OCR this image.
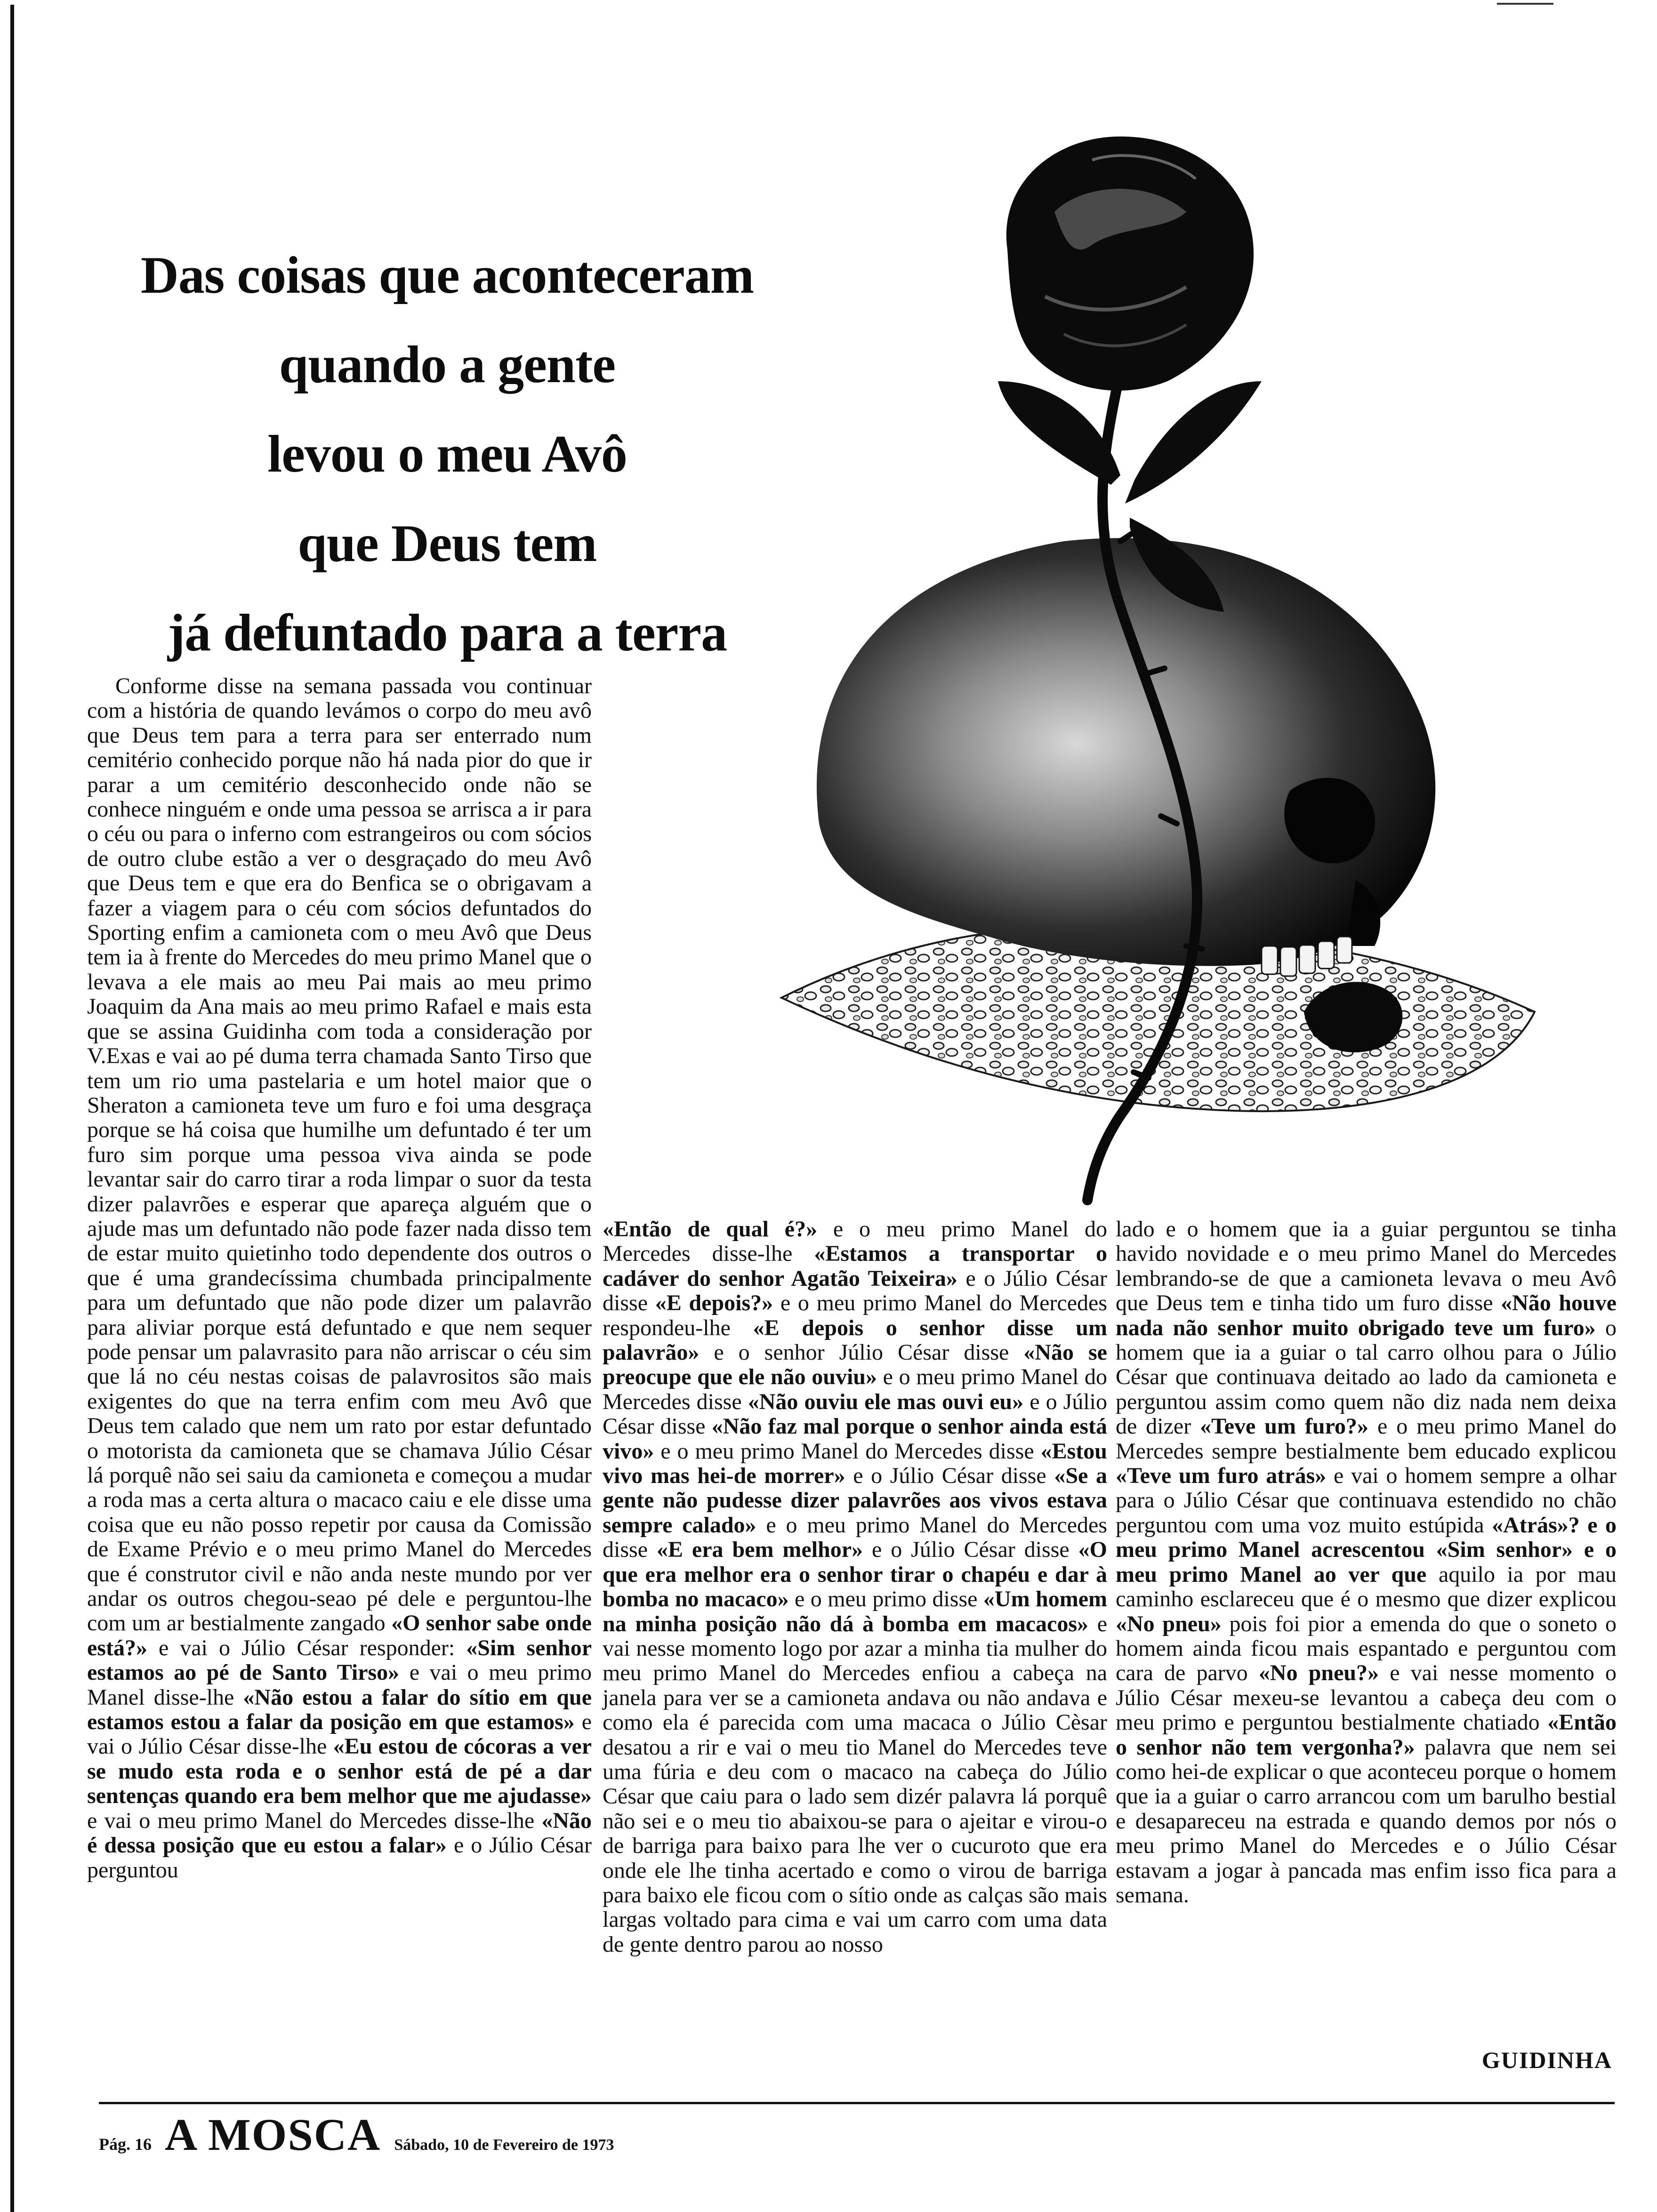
Das coisas que aconteceram
quando a gente
levou o meu Avô
que Deus tem
já defuntado para a terra

Conforme disse na semana passada vou continuar com a história de quando levámos o corpo do meu avô que Deus tem para a terra para ser enterrado num cemitério conhecido porque não há nada pior do que ir parar a um cemitério desconhecido onde não se conhece ninguém e onde uma pessoa se arrisca a ir para o céu ou para o inferno com estrangeiros ou com sócios de outro clube estão a ver o desgraçado do meu Avô que Deus tem e que era do Benfica se o obrigavam a fazer a viagem para o céu com sócios defuntados do Sporting enfim a camioneta com o meu Avô que Deus tem ia à frente do Mercedes do meu primo Manel que o levava a ele mais ao meu Pai mais ao meu primo Joaquim da Ana mais ao meu primo Rafael e mais esta que se assina Guidinha com toda a consideração por V.Exas e vai ao pé duma terra chamada Santo Tirso que tem um rio uma pastelaria e um hotel maior que o Sheraton a camioneta teve um furo e foi uma desgraça porque se há coisa que humilhe um defuntado é ter um furo sim porque uma pessoa viva ainda se pode levantar sair do carro tirar a roda limpar o suor da testa dizer palavrões e esperar que apareça alguém que o ajude mas um defuntado não pode fazer nada disso tem de estar muito quietinho todo dependente dos outros o que é uma grandecíssima chumbada principalmente para um defuntado que não pode dizer um palavrão para aliviar porque está defuntado e que nem sequer pode pensar um palavrasito para não arriscar o céu sim que lá no céu nestas coisas de palavrositos são mais exigentes do que na terra enfim com meu Avô que Deus tem calado que nem um rato por estar defuntado o motorista da camioneta que se chamava Júlio César lá porquê não sei saiu da camioneta e começou a mudar a roda mas a certa altura o macaco caiu e ele disse uma coisa que eu não posso repetir por causa da Comissão de Exame Prévio e o meu primo Manel do Mercedes que é construtor civil e não anda neste mundo por ver andar os outros chegou-seao pé dele e perguntou-lhe com um ar bestialmente zangado «O senhor sabe onde está?» e vai o Júlio César responder: «Sim senhor estamos ao pé de Santo Tirso» e vai o meu primo Manel disse-lhe «Não estou a falar do sítio em que estamos estou a falar da posição em que estamos» e vai o Júlio César disse-lhe «Eu estou de cócoras a ver se mudo esta roda e o senhor está de pé a dar sentenças quando era bem melhor que me ajudasse» e vai o meu primo Manel do Mercedes disse-lhe «Não é dessa posição que eu estou a falar» e o Júlio César perguntou

«Então de qual é?» e o meu primo Manel do Mercedes disse-lhe «Estamos a transportar o cadáver do senhor Agatão Teixeira» e o Júlio César disse «E depois?» e o meu primo Manel do Mercedes respondeu-lhe «E depois o senhor disse um palavrão» e o senhor Júlio César disse «Não se preocupe que ele não ouviu» e o meu primo Manel do Mercedes disse «Não ouviu ele mas ouvi eu» e o Júlio César disse «Não faz mal porque o senhor ainda está vivo» e o meu primo Manel do Mercedes disse «Estou vivo mas hei-de morrer» e o Júlio César disse «Se a gente não pudesse dizer palavrões aos vivos estava sempre calado» e o meu primo Manel do Mercedes disse «E era bem melhor» e o Júlio César disse «O que era melhor era o senhor tirar o chapéu e dar à bomba no macaco» e o meu primo disse «Um homem na minha posição não dá à bomba em macacos» e vai nesse momento logo por azar a minha tia mulher do meu primo Manel do Mercedes enfiou a cabeça na janela para ver se a camioneta andava ou não andava e como ela é parecida com uma macaca o Júlio Cèsar desatou a rir e vai o meu tio Manel do Mercedes teve uma fúria e deu com o macaco na cabeça do Júlio César que caiu para o lado sem dizér palavra lá porquê não sei e o meu tio abaixou-se para o ajeitar e virou-o de barriga para baixo para lhe ver o cucuroto que era onde ele lhe tinha acertado e como o virou de barriga para baixo ele ficou com o sítio onde as calças são mais largas voltado para cima e vai um carro com uma data de gente dentro parou ao nosso

lado e o homem que ia a guiar perguntou se tinha havido novidade e o meu primo Manel do Mercedes lembrando-se de que a camioneta levava o meu Avô que Deus tem e tinha tido um furo disse «Não houve nada não senhor muito obrigado teve um furo» o homem que ia a guiar o tal carro olhou para o Júlio César que continuava deitado ao lado da camioneta e perguntou assim como quem não diz nada nem deixa de dizer «Teve um furo?» e o meu primo Manel do Mercedes sempre bestialmente bem educado explicou «Teve um furo atrás» e vai o homem sempre a olhar para o Júlio César que continuava estendido no chão perguntou com uma voz muito estúpida «Atrás»? e o meu primo Manel acrescentou «Sim senhor» e o meu primo Manel ao ver que aquilo ia por mau caminho esclareceu que é o mesmo que dizer explicou «No pneu» pois foi pior a emenda do que o soneto o homem ainda ficou mais espantado e perguntou com cara de parvo «No pneu?» e vai nesse momento o Júlio César mexeu-se levantou a cabeça deu com o meu primo e perguntou bestialmente chatiado «Então o senhor não tem vergonha?» palavra que nem sei como hei-de explicar o que aconteceu porque o homem que ia a guiar o carro arrancou com um barulho bestial e desapareceu na estrada e quando demos por nós o meu primo Manel do Mercedes e o Júlio César estavam a jogar à pancada mas enfim isso fica para a semana.

GUIDINHA

Pág. 16 A MOSCA Sábado, 10 de Fevereiro de 1973
